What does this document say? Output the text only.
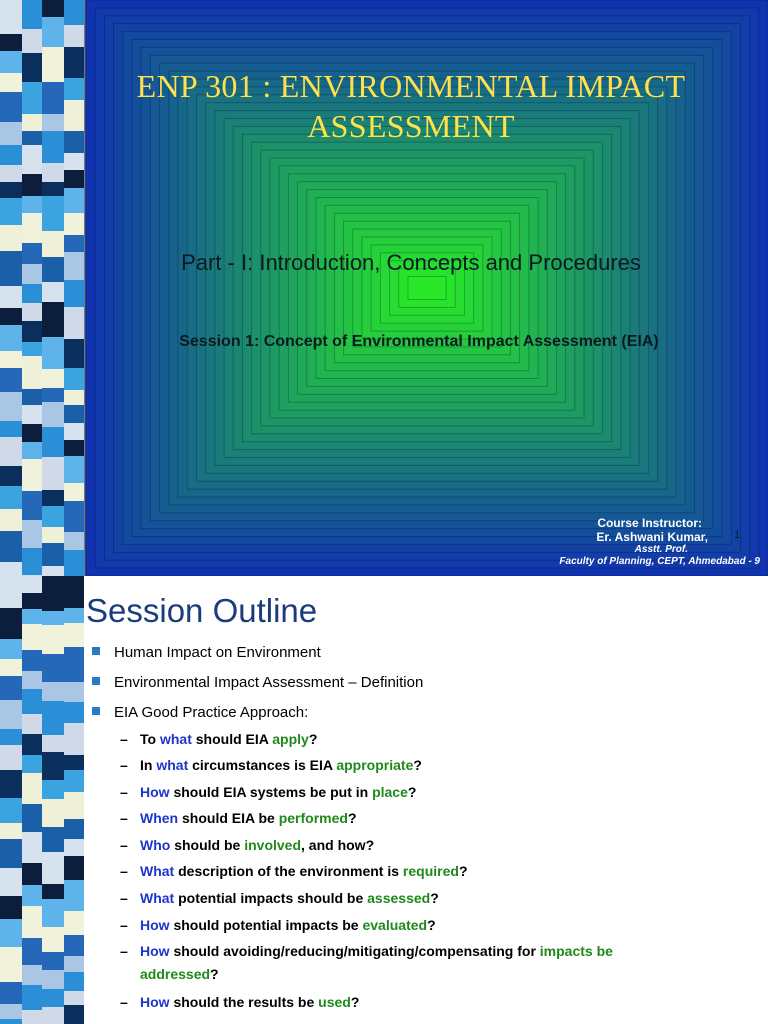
ENP 301 : ENVIRONMENTAL IMPACT
ASSESSMENT
Part - I: Introduction, Concepts and Procedures
Session 1: Concept of Environmental Impact Assessment (EIA)
Course Instructor:
Er. Ashwani Kumar,
Asstt. Prof.
Faculty of Planning, CEPT, Ahmedabad - 9
1
Session Outline
Human Impact on Environment
Environmental Impact Assessment – Definition
EIA Good Practice Approach:
– To what should EIA apply?
– In what circumstances is EIA appropriate?
– How should EIA systems be put in place?
– When should EIA be performed?
– Who should be involved, and how?
– What description of the environment is required?
– What potential impacts should be assessed?
– How should potential impacts be evaluated?
– How should avoiding/reducing/mitigating/compensating for impacts be
addressed?
– How should the results be used?
